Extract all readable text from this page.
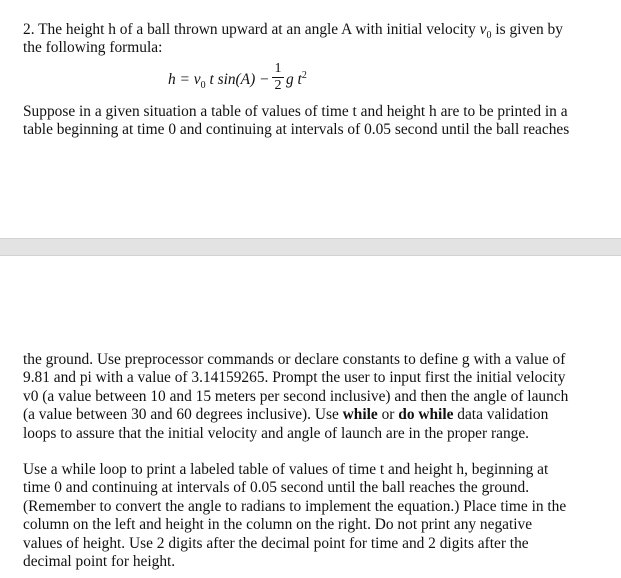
2. The height h of a ball thrown upward at an angle A with initial velocity $v_0$ is given by
the following formula:
$h = v_0$ t sin(A) −
1
2 g $t^2$
Suppose in a given situation a table of values of time t and height h are to be printed in a
table beginning at time 0 and continuing at intervals of 0.05 second until the ball reaches
the ground. Use preprocessor commands or declare constants to define g with a value of
9.81 and pi with a value of 3.14159265. Prompt the user to input first the initial velocity
v0 (a value between 10 and 15 meters per second inclusive) and then the angle of launch
(a value between 30 and 60 degrees inclusive). Use while or do while data validation
loops to assure that the initial velocity and angle of launch are in the proper range.
Use a while loop to print a labeled table of values of time t and height h, beginning at
time 0 and continuing at intervals of 0.05 second until the ball reaches the ground.
(Remember to convert the angle to radians to implement the equation.) Place time in the
column on the left and height in the column on the right. Do not print any negative
values of height. Use 2 digits after the decimal point for time and 2 digits after the
decimal point for height.
